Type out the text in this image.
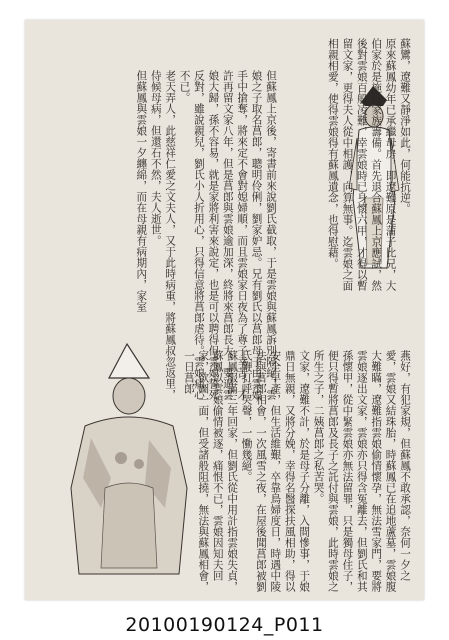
蘇鸞，遼難又靜淨如此，何能抗逆。
原來蘇鳳幼年已承繼母房，即遼難原是蒲子比兄，大伯家於是施行家族籌備。首先退合蘇鳳上京應試，然後對雲娘百般凌難，幸雲娘時已身懷六甲，才得以暫留文家，更得夫人從中相護，向算無事。迄雲娘之面相親相愛，使得雲娘得有蘇鳳遺念，也得慰藉。
但蘇鳳上京後，寄書前來說劉氏截取，于是雲娘與蘇鳳訴別隔絕，雲娘之子取名菖郎，聰明伶俐，劉家妒忌。兄有劉氏以菖郎母子由雲娘手中搶奪，將來定不會對媳婦順，而且雲娘家日夜為了尊子幸苦，才許再留文家八年，但是菖郎與雲娘逾加深，終將來菖郎長大，要逼雲娘大歸，孫不容易，就是家將利害來說定，也是可以聘得但雲娘誓死反對，雖說親兒，劉氏小人折用心，只得信意將菖郎虐待。雲娘痛心不已。
老天弄人，此慈祥仁愛之文夫人，又于此時病重，將蘇鳳叔忽返里，侍候母病，但還石不然，夫人逝世。
但蘇鳳與雲娘一夕纏綿，而在母親有病期內，家室
燕好，有犯家規，但蘇鳳不敢承認，奈何一夕之愛，雲娘又結珠胎，時蘇鳳已在追地蘆墓，雲娘腹大難瞞，遼難指雲娘偷情懷孕，無法雪家門，要將雲娘逐出文家，雲娘亦只得含冤離去，但劉氏和其孫懷甲，從中緊雲娘亦無法留罪，只是獨母住子，便只得暫將菖郎及長子之託付與雲娘，此時雲娘之所生之子，二姨菖郎之私苦哭。
文家，遼難不計，於是母子分離，入間慘事，于娘鼎日無親，又將分娩，幸得名醫探扶風相助，得以安全早產，但生活維艱，卒靠鳥婦度日，時遇中陵法與菖郎相會，一次風雪之夜，在屋後聞菖郎被劉氏鞭打呼哭聲，一慟幾絕。
蘇鳳服滿三年回家，但劉氏從中用計指雲娘失貞，蘇鳳以雲娘偷情被逐，痛恨不已，雲娘因知夫回家，欲圖一面，但受諸般阻撓，無法與蘇鳳相會，一日菖郎
20100190124_P011
